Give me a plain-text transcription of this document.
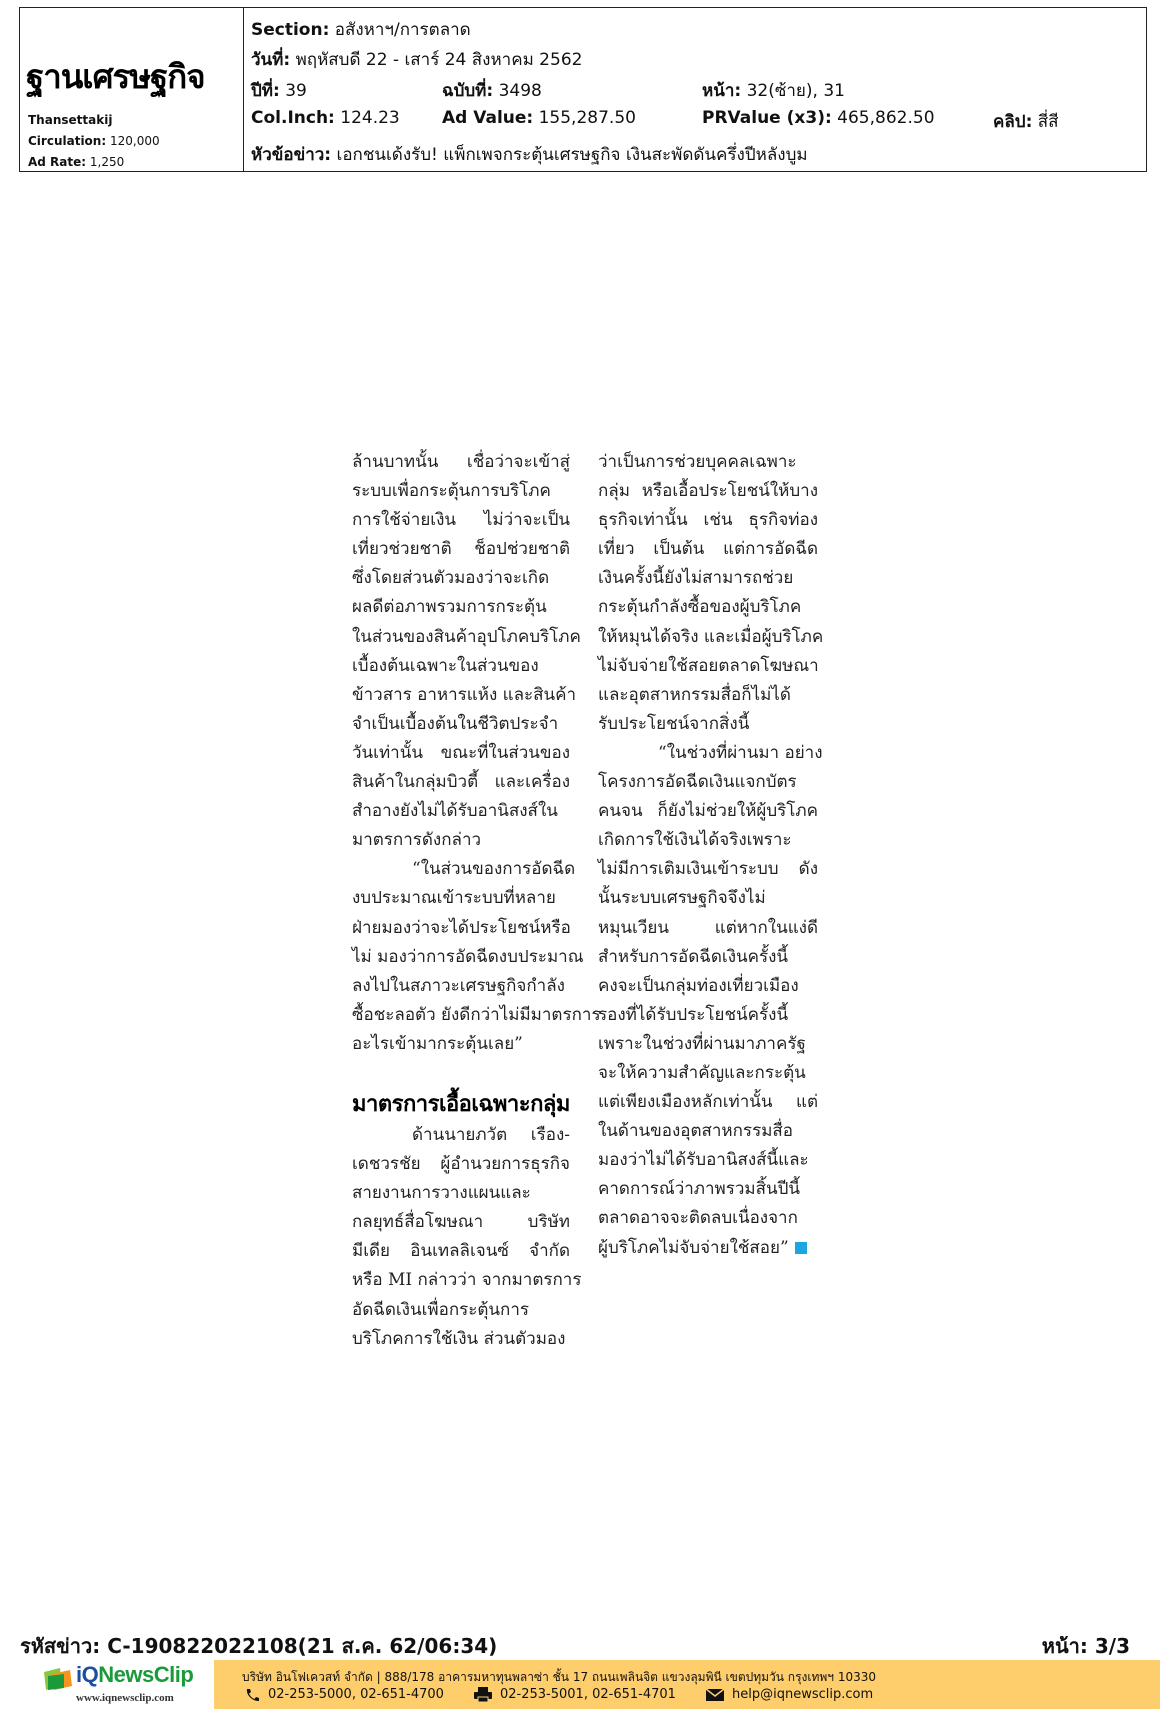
ฐานเศรษฐกิจ
Thansettakij
Circulation: 120,000
Ad Rate: 1,250
Section: อสังหาฯ/การตลาด
วันที่: พฤหัสบดี 22 - เสาร์ 24 สิงหาคม 2562
ปีที่: 39	ฉบับที่: 3498	หน้า: 32(ซ้าย), 31
Col.Inch: 124.23 Ad Value: 155,287.50	PRValue (x3): 465,862.50	คลิป: สี่สี
หัวข้อข่าว: เอกชนเด้งรับ! แพ็กเพจกระตุ้นเศรษฐกิจ เงินสะพัดดันครึ่งปีหลังบูม

ล้านบาทนั้น เชื่อว่าจะเข้าสู่

ระบบเพื่อกระตุ้นการบริโภค

การใช้จ่ายเงิน ไม่ว่าจะเป็น

เที่ยวช่วยชาติ ช็อปช่วยชาติ

ซึ่งโดยส่วนตัวมองว่าจะเกิด

ผลดีต่อภาพรวมการกระตุ้น

ในส่วนของสินค้าอุปโภคบริโภค

เบื้องต้นเฉพาะในส่วนของ

ข้าวสาร อาหารแห้ง และสินค้า

จำเป็นเบื้องต้นในชีวิตประจำ

วันเท่านั้น ขณะที่ในส่วนของ

สินค้าในกลุ่มบิวตี้ และเครื่อง

สำอางยังไม่ได้รับอานิสงส์ใน

มาตรการดังกล่าว

“ในส่วนของการอัดฉีด

งบประมาณเข้าระบบที่หลาย

ฝ่ายมองว่าจะได้ประโยชน์หรือ

ไม่ มองว่าการอัดฉีดงบประมาณ

ลงไปในสภาวะเศรษฐกิจกำลัง

ซื้อชะลอตัว ยังดีกว่าไม่มีมาตรการ

อะไรเข้ามากระตุ้นเลย”

มาตรการเอื้อเฉพาะกลุ่ม

ด้านนายภวัต เรือง-

เดชวรชัย ผู้อำนวยการธุรกิจ

สายงานการวางแผนและ

กลยุทธ์สื่อโฆษณา บริษัท

มีเดีย อินเทลลิเจนซ์ จำกัด

หรือ MI กล่าวว่า จากมาตรการ

อัดฉีดเงินเพื่อกระตุ้นการ

บริโภคการใช้เงิน ส่วนตัวมอง

ว่าเป็นการช่วยบุคคลเฉพาะ

กลุ่ม หรือเอื้อประโยชน์ให้บาง

ธุรกิจเท่านั้น เช่น ธุรกิจท่อง

เที่ยว เป็นต้น แต่การอัดฉีด

เงินครั้งนี้ยังไม่สามารถช่วย

กระตุ้นกำลังซื้อของผู้บริโภค

ให้หมุนได้จริง และเมื่อผู้บริโภค

ไม่จับจ่ายใช้สอยตลาดโฆษณา

และอุตสาหกรรมสื่อก็ไม่ได้

รับประโยชน์จากสิ่งนี้

“ในช่วงที่ผ่านมา อย่าง

โครงการอัดฉีดเงินแจกบัตร

คนจน ก็ยังไม่ช่วยให้ผู้บริโภค

เกิดการใช้เงินได้จริงเพราะ

ไม่มีการเติมเงินเข้าระบบ ดัง

นั้นระบบเศรษฐกิจจึงไม่

หมุนเวียน แต่หากในแง่ดี

สำหรับการอัดฉีดเงินครั้งนี้

คงจะเป็นกลุ่มท่องเที่ยวเมือง

รองที่ได้รับประโยชน์ครั้งนี้

เพราะในช่วงที่ผ่านมาภาครัฐ

จะให้ความสำคัญและกระตุ้น

แต่เพียงเมืองหลักเท่านั้น แต่

ในด้านของอุตสาหกรรมสื่อ

มองว่าไม่ได้รับอานิสงส์นี้และ

คาดการณ์ว่าภาพรวมสิ้นปีนี้

ตลาดอาจจะติดลบเนื่องจาก

ผู้บริโภคไม่จับจ่ายใช้สอย”

รหัสข่าว: C-190822022108(21 ส.ค. 62/06:34)	หน้า: 3/3
iQNewsClip
www.iqnewsclip.com
บริษัท อินโฟเควสท์ จำกัด | 888/178 อาคารมหาทุนพลาซ่า ชั้น 17 ถนนเพลินจิต แขวงลุมพินี เขตปทุมวัน กรุงเทพฯ 10330
02-253-5000, 02-651-4700	02-253-5001, 02-651-4701	help@iqnewsclip.com
